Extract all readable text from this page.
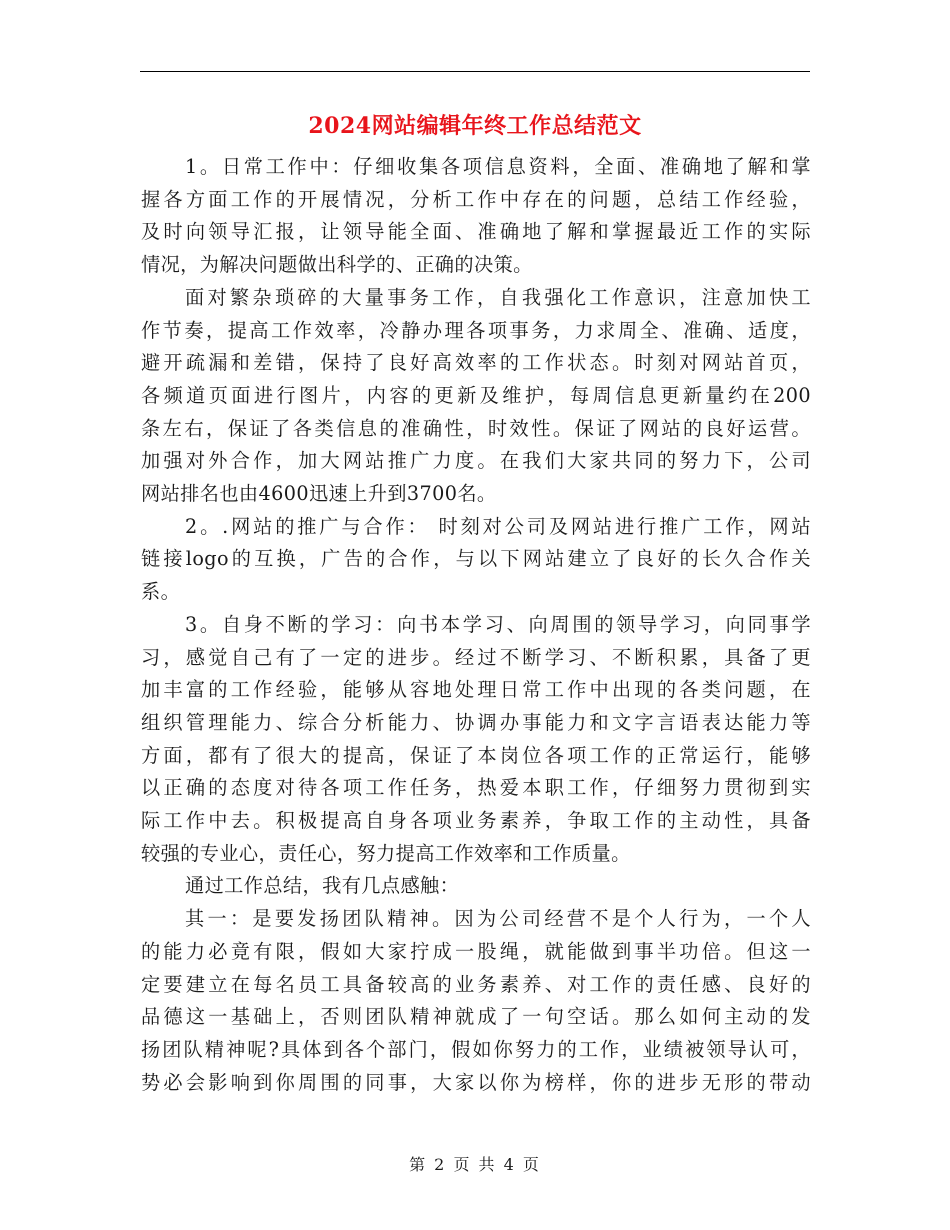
2024网站编辑年终工作总结范文

1。日常工作中：仔细收集各项信息资料，全面、准确地了解和掌
握各方面工作的开展情况，分析工作中存在的问题，总结工作经验，
及时向领导汇报，让领导能全面、准确地了解和掌握最近工作的实际
情况，为解决问题做出科学的、正确的决策。

面对繁杂琐碎的大量事务工作，自我强化工作意识，注意加快工
作节奏，提高工作效率，冷静办理各项事务，力求周全、准确、适度，
避开疏漏和差错，保持了良好高效率的工作状态。时刻对网站首页，
各频道页面进行图片，内容的更新及维护，每周信息更新量约在200
条左右，保证了各类信息的准确性，时效性。保证了网站的良好运营。
加强对外合作，加大网站推广力度。在我们大家共同的努力下，公司
网站排名也由4600迅速上升到3700名。

2。.网站的推广与合作： 时刻对公司及网站进行推广工作，网站
链接logo的互换，广告的合作，与以下网站建立了良好的长久合作关
系。

3。自身不断的学习：向书本学习、向周围的领导学习，向同事学
习，感觉自己有了一定的进步。经过不断学习、不断积累，具备了更
加丰富的工作经验，能够从容地处理日常工作中出现的各类问题，在
组织管理能力、综合分析能力、协调办事能力和文字言语表达能力等
方面，都有了很大的提高，保证了本岗位各项工作的正常运行，能够
以正确的态度对待各项工作任务，热爱本职工作，仔细努力贯彻到实
际工作中去。积极提高自身各项业务素养，争取工作的主动性，具备
较强的专业心，责任心，努力提高工作效率和工作质量。

通过工作总结，我有几点感触：

其一：是要发扬团队精神。因为公司经营不是个人行为，一个人
的能力必竟有限，假如大家拧成一股绳，就能做到事半功倍。但这一
定要建立在每名员工具备较高的业务素养、对工作的责任感、良好的
品德这一基础上，否则团队精神就成了一句空话。那么如何主动的发
扬团队精神呢?具体到各个部门，假如你努力的工作，业绩被领导认可，
势必会影响到你周围的同事，大家以你为榜样，你的进步无形的带动

第 2 页 共 4 页
